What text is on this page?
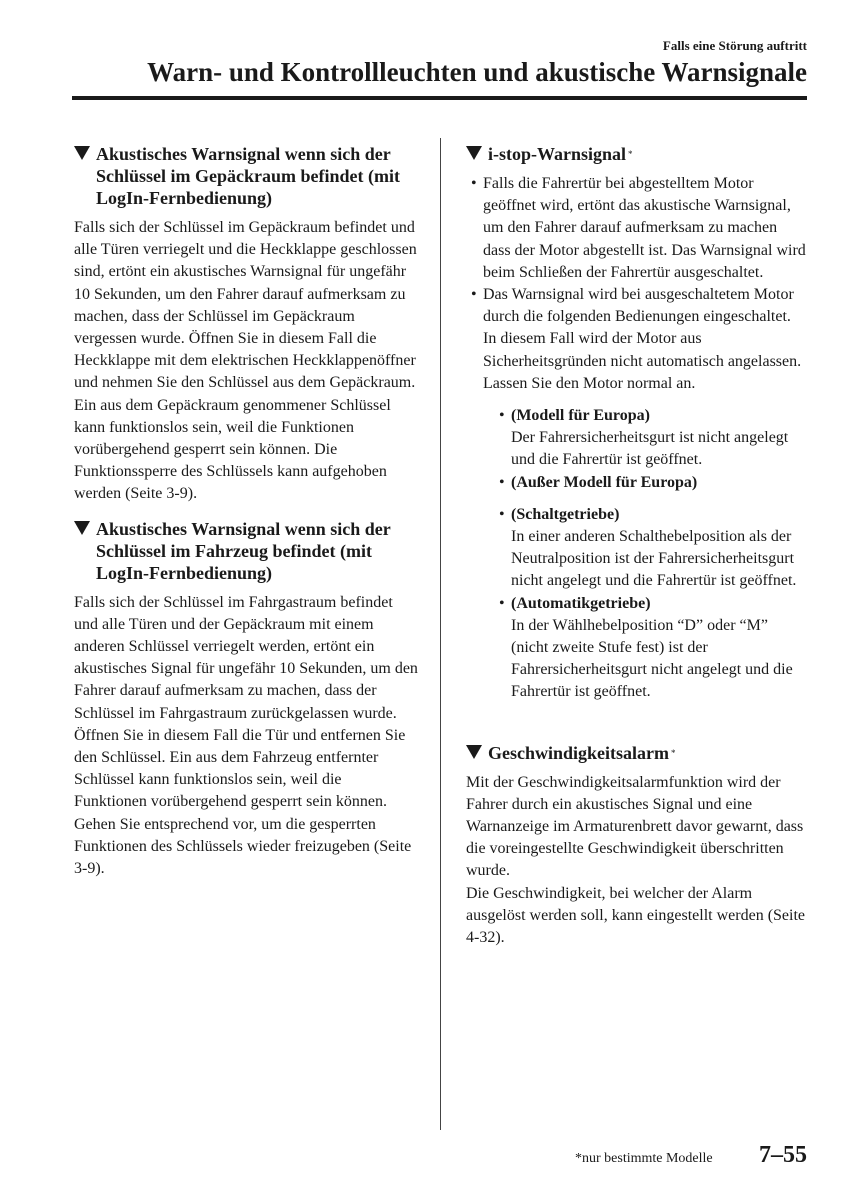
Falls eine Störung auftritt
Warn- und Kontrollleuchten und akustische Warnsignale
Akustisches Warnsignal wenn sich der Schlüssel im Gepäckraum befindet (mit LogIn-Fernbedienung)

Falls sich der Schlüssel im Gepäckraum befindet und alle Türen verriegelt und die Heckklappe geschlossen sind, ertönt ein akustisches Warnsignal für ungefähr 10 Sekunden, um den Fahrer darauf aufmerksam zu machen, dass der Schlüssel im Gepäckraum vergessen wurde. Öffnen Sie in diesem Fall die Heckklappe mit dem elektrischen Heckklappenöffner und nehmen Sie den Schlüssel aus dem Gepäckraum. Ein aus dem Gepäckraum genommener Schlüssel kann funktionslos sein, weil die Funktionen vorübergehend gesperrt sein können. Die Funktionssperre des Schlüssels kann aufgehoben werden (Seite 3-9).

Akustisches Warnsignal wenn sich der Schlüssel im Fahrzeug befindet (mit LogIn-Fernbedienung)

Falls sich der Schlüssel im Fahrgastraum befindet und alle Türen und der Gepäckraum mit einem anderen Schlüssel verriegelt werden, ertönt ein akustisches Signal für ungefähr 10 Sekunden, um den Fahrer darauf aufmerksam zu machen, dass der Schlüssel im Fahrgastraum zurückgelassen wurde. Öffnen Sie in diesem Fall die Tür und entfernen Sie den Schlüssel. Ein aus dem Fahrzeug entfernter Schlüssel kann funktionslos sein, weil die Funktionen vorübergehend gesperrt sein können. Gehen Sie entsprechend vor, um die gesperrten Funktionen des Schlüssels wieder freizugeben (Seite 3-9).

i-stop-Warnsignal *
• Falls die Fahrertür bei abgestelltem Motor geöffnet wird, ertönt das akustische Warnsignal, um den Fahrer darauf aufmerksam zu machen dass der Motor abgestellt ist. Das Warnsignal wird beim Schließen der Fahrertür ausgeschaltet.
• Das Warnsignal wird bei ausgeschaltetem Motor durch die folgenden Bedienungen eingeschaltet. In diesem Fall wird der Motor aus Sicherheitsgründen nicht automatisch angelassen. Lassen Sie den Motor normal an.
• (Modell für Europa)
Der Fahrersicherheitsgurt ist nicht angelegt und die Fahrertür ist geöffnet.
• (Außer Modell für Europa)
• (Schaltgetriebe)
In einer anderen Schalthebelposition als der Neutralposition ist der Fahrersicherheitsgurt nicht angelegt und die Fahrertür ist geöffnet.
• (Automatikgetriebe)
In der Wählhebelposition “D” oder “M” (nicht zweite Stufe fest) ist der Fahrersicherheitsgurt nicht angelegt und die Fahrertür ist geöffnet.
Geschwindigkeitsalarm *

Mit der Geschwindigkeitsalarmfunktion wird der Fahrer durch ein akustisches Signal und eine Warnanzeige im Armaturenbrett davor gewarnt, dass die voreingestellte Geschwindigkeit überschritten wurde.

Die Geschwindigkeit, bei welcher der Alarm ausgelöst werden soll, kann eingestellt werden (Seite 4-32).

*nur bestimmte Modelle 7–55
